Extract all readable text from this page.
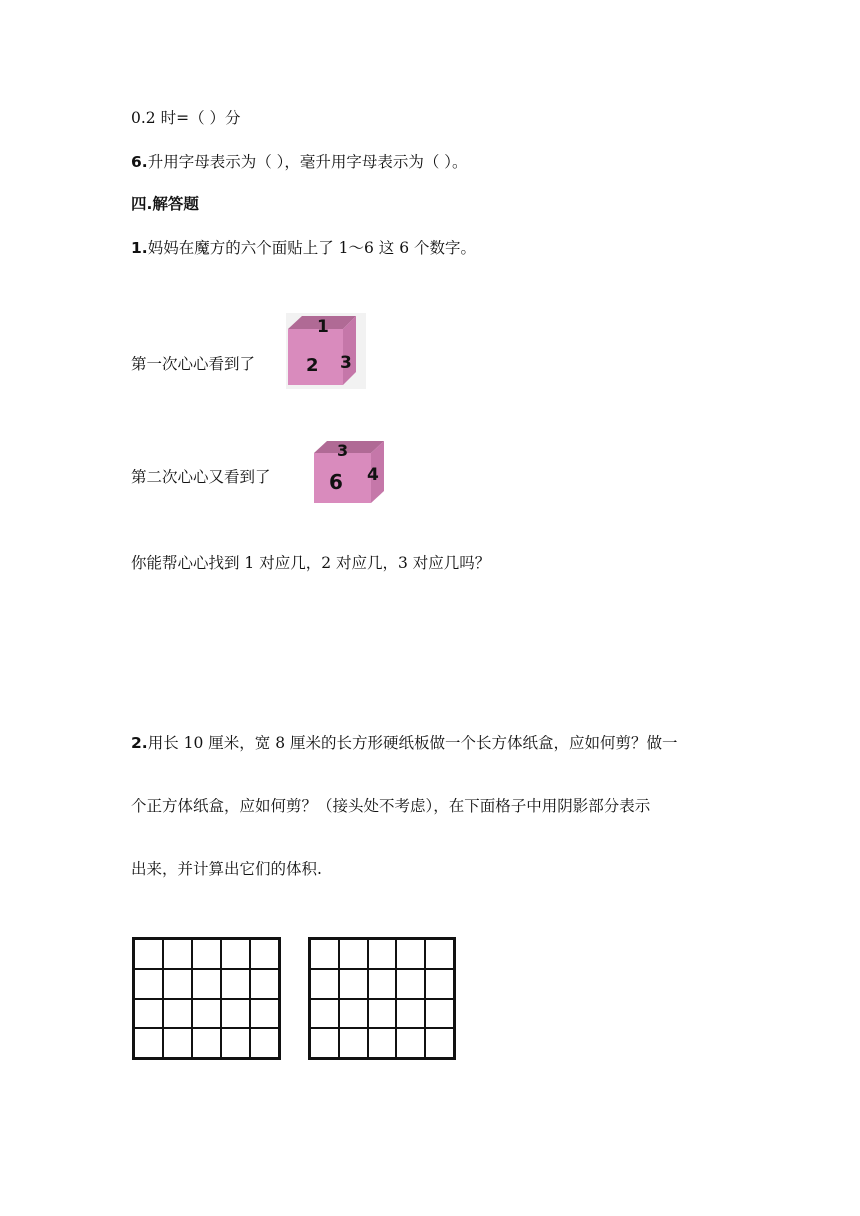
0.2 时=（ ）分
6.升用字母表示为（ ），毫升用字母表示为（ ）。
四.解答题
1.妈妈在魔方的六个面贴上了 1～6 这 6 个数字。
第一次心心看到了
1
2 3
第二次心心又看到了
3
6 4
你能帮心心找到 1 对应几，2 对应几，3 对应几吗？
2.用长 10 厘米，宽 8 厘米的长方形硬纸板做一个长方体纸盒，应如何剪？做一
个正方体纸盒，应如何剪？（接头处不考虑），在下面格子中用阴影部分表示
出来，并计算出它们的体积.
